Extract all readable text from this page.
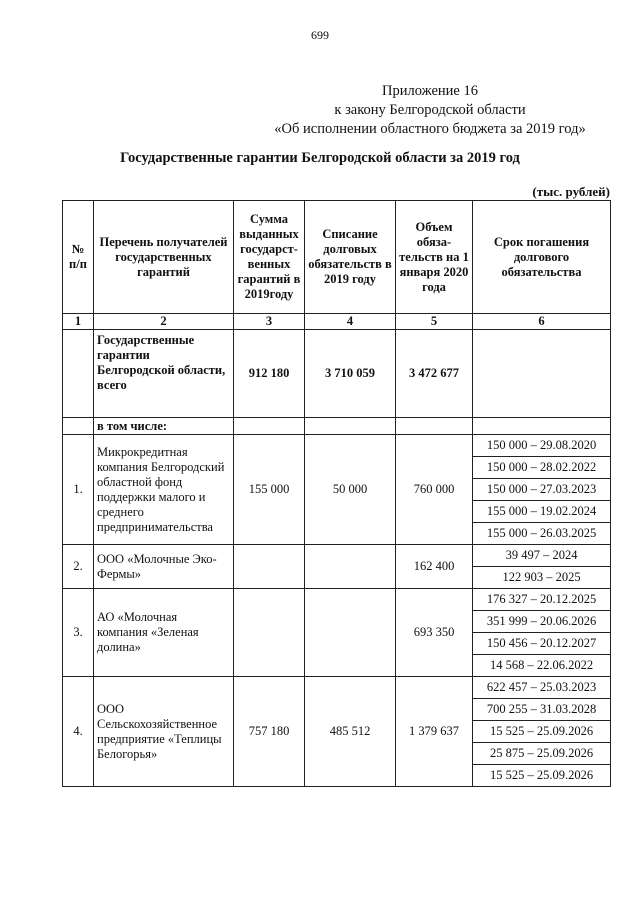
699
Приложение 16
к закону Белгородской области
«Об исполнении областного бюджета за 2019 год»
Государственные гарантии Белгородской области за 2019 год
(тыс. рублей)
№ п/п	Перечень получателей государственных гарантий	Сумма выданных государст-венных гарантий в 2019году	Списание долговых обязательств в 2019 году	Объем обяза-тельств на 1 января 2020 года	Срок погашения долгового обязательства
1	2	3	4	5	6
	Государственные гарантии Белгородской области, всего	912 180	3 710 059	3 472 677	
	в том числе:				
1.	Микрокредитная компания Белгородский областной фонд поддержки малого и среднего предпринимательства	155 000	50 000	760 000	150 000 – 29.08.2020
					150 000 – 28.02.2022
					150 000 – 27.03.2023
					155 000 – 19.02.2024
					155 000 – 26.03.2025
2.	ООО «Молочные Эко-Фермы»			162 400	39 497 – 2024
					122 903 – 2025
3.	АО «Молочная компания «Зеленая долина»			693 350	176 327 – 20.12.2025
					351 999 – 20.06.2026
					150 456 – 20.12.2027
					14 568 – 22.06.2022
4.	ООО Сельскохозяйственное предприятие «Теплицы Белогорья»	757 180	485 512	1 379 637	622 457 – 25.03.2023
					700 255 – 31.03.2028
					15 525 – 25.09.2026
					25 875 – 25.09.2026
					15 525 – 25.09.2026
